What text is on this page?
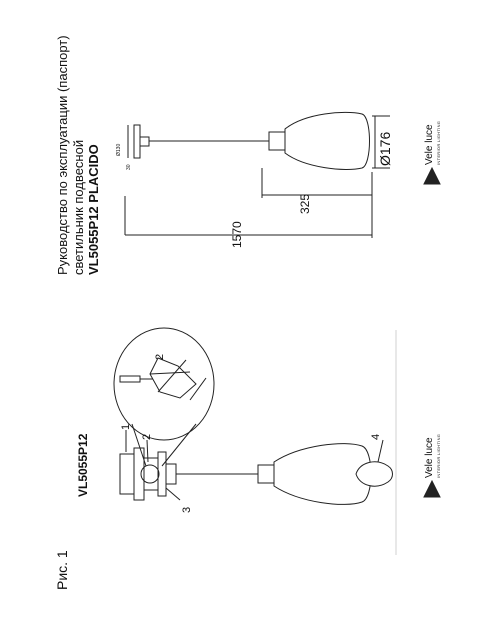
Рис. 1
Руководство по эксплуатации (паспорт) светильник подвесной VL5055P12 PLACIDO
VL5055P12
1570
325
Ø176
Ø130
30
1
2
3
4
2
Vele luce INTERIOR LIGHTING
Vele luce INTERIOR LIGHTING
